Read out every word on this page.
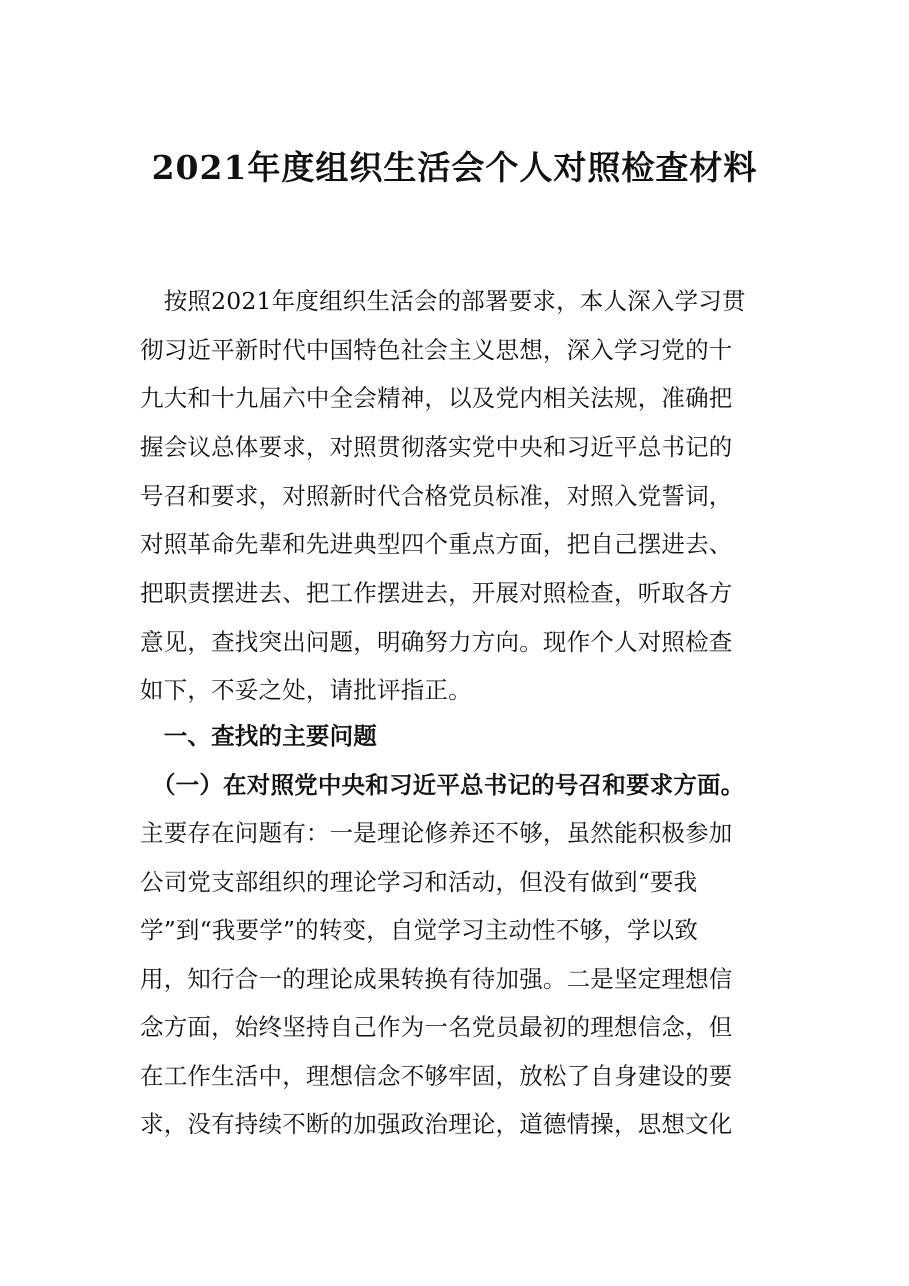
2021年度组织生活会个人对照检查材料
　按照2021年度组织生活会的部署要求，本人深入学习贯
彻习近平新时代中国特色社会主义思想，深入学习党的十
九大和十九届六中全会精神，以及党内相关法规，准确把
握会议总体要求，对照贯彻落实党中央和习近平总书记的
号召和要求，对照新时代合格党员标准，对照入党誓词，
对照革命先辈和先进典型四个重点方面，把自己摆进去、
把职责摆进去、把工作摆进去，开展对照检查，听取各方
意见，查找突出问题，明确努力方向。现作个人对照检查
如下，不妥之处，请批评指正。
　一、查找的主要问题
　（一）在对照党中央和习近平总书记的号召和要求方面。
主要存在问题有：一是理论修养还不够，虽然能积极参加
公司党支部组织的理论学习和活动，但没有做到“要我
学”到“我要学”的转变，自觉学习主动性不够，学以致
用，知行合一的理论成果转换有待加强。二是坚定理想信
念方面，始终坚持自己作为一名党员最初的理想信念，但
在工作生活中，理想信念不够牢固，放松了自身建设的要
求，没有持续不断的加强政治理论，道德情操，思想文化
